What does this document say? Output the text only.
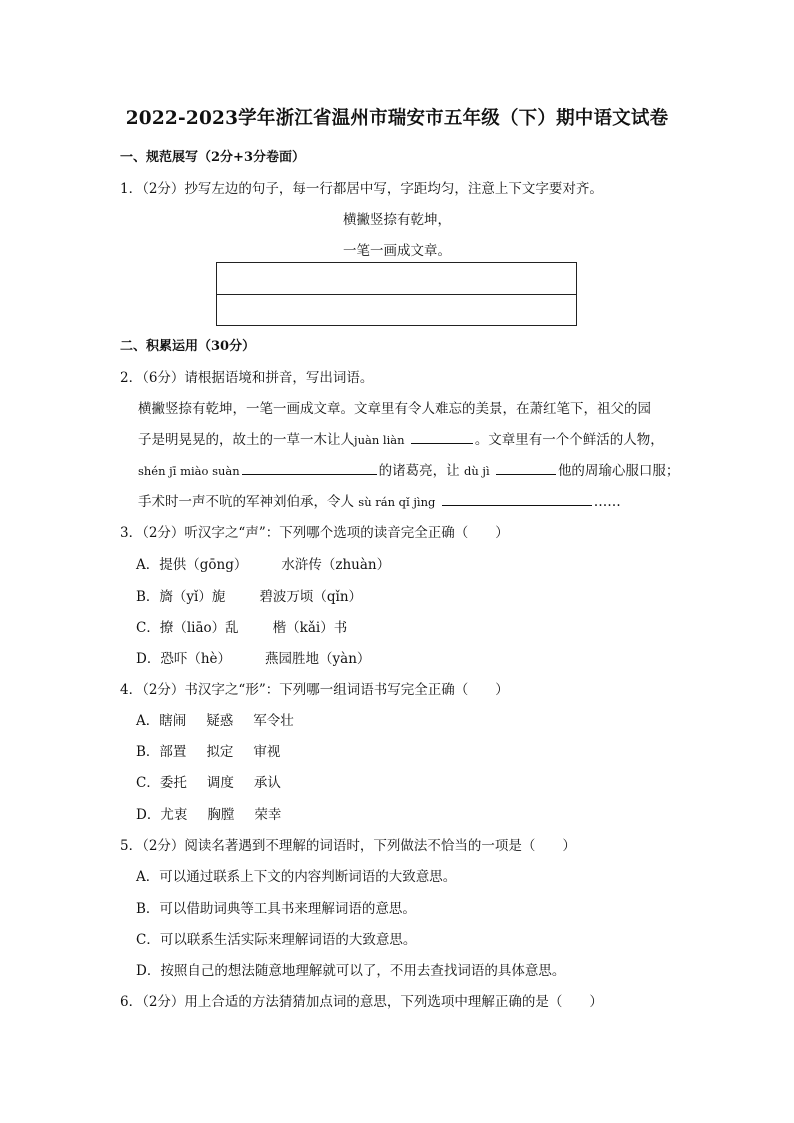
2022-2023学年浙江省温州市瑞安市五年级（下）期中语文试卷
一、规范展写（2分+3分卷面）
1．（2分）抄写左边的句子，每一行都居中写，字距均匀，注意上下文字要对齐。
横撇竖捺有乾坤，
一笔一画成文章。
二、积累运用（30分）
2．（6分）请根据语境和拼音，写出词语。
横撇竖捺有乾坤，一笔一画成文章。文章里有令人难忘的美景，在萧红笔下，祖父的园
子是明晃晃的，故土的一草一木让人juàn liàn	。文章里有一个个鲜活的人物，
shén jī miào suàn	的诸葛亮，让 dù jì	他的周瑜心服口服；
手术时一声不吭的军神刘伯承，令人 sù rán qǐ jìng	……
3．（2分）听汉字之“声”：下列哪个选项的读音完全正确（　　）
A．提供（gōng）	水浒传（zhuàn）
B．旖（yǐ）旎	碧波万顷（qǐn）
C．撩（liāo）乱	楷（kǎi）书
D．恐吓（hè）	燕园胜地（yàn）
4．（2分）书汉字之“形”：下列哪一组词语书写完全正确（　　）
A．瞎闹 疑惑 军令壮
B．部置 拟定 审视
C．委托 调度 承认
D．尤衷 胸膛 荣幸
5．（2分）阅读名著遇到不理解的词语时，下列做法不恰当的一项是（　　）
A．可以通过联系上下文的内容判断词语的大致意思。
B．可以借助词典等工具书来理解词语的意思。
C．可以联系生活实际来理解词语的大致意思。
D．按照自己的想法随意地理解就可以了，不用去查找词语的具体意思。
6．（2分）用上合适的方法猜猜加点词的意思，下列选项中理解正确的是（　　）
